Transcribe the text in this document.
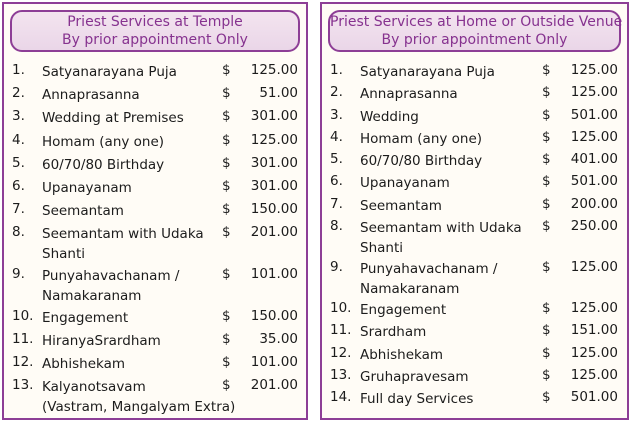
Priest Services at Temple
By prior appointment Only
1. Satyanarayana Puja	$	125.00
2. Annaprasanna	$	51.00
3. Wedding at Premises	$	301.00
4. Homam (any one)	$	125.00
5. 60/70/80 Birthday	$	301.00
6. Upanayanam	$	301.00
7. Seemantam	$	150.00
8. Seemantam with Udaka
Shanti
$	201.00
9. Punyahavachanam /
Namakaranam
$	101.00
10. Engagement	$	150.00
11. HiranyaSrardham	$	35.00
12. Abhishekam	$	101.00
13. Kalyanotsavam
(Vastram, Mangalyam Extra)
$	201.00
Priest Services at Home or Outside Venue
By prior appointment Only
1. Satyanarayana Puja	$	125.00
2. Annaprasanna	$	125.00
3. Wedding	$	501.00
4. Homam (any one)	$	125.00
5. 60/70/80 Birthday	$	401.00
6. Upanayanam	$	501.00
7. Seemantam	$	200.00
8. Seemantam with Udaka
Shanti
$	250.00
9. Punyahavachanam /
Namakaranam
$	125.00
10. Engagement	$	125.00
11. Srardham	$	151.00
12. Abhishekam	$	125.00
13. Gruhapravesam	$	125.00
14. Full day Services	$	501.00
